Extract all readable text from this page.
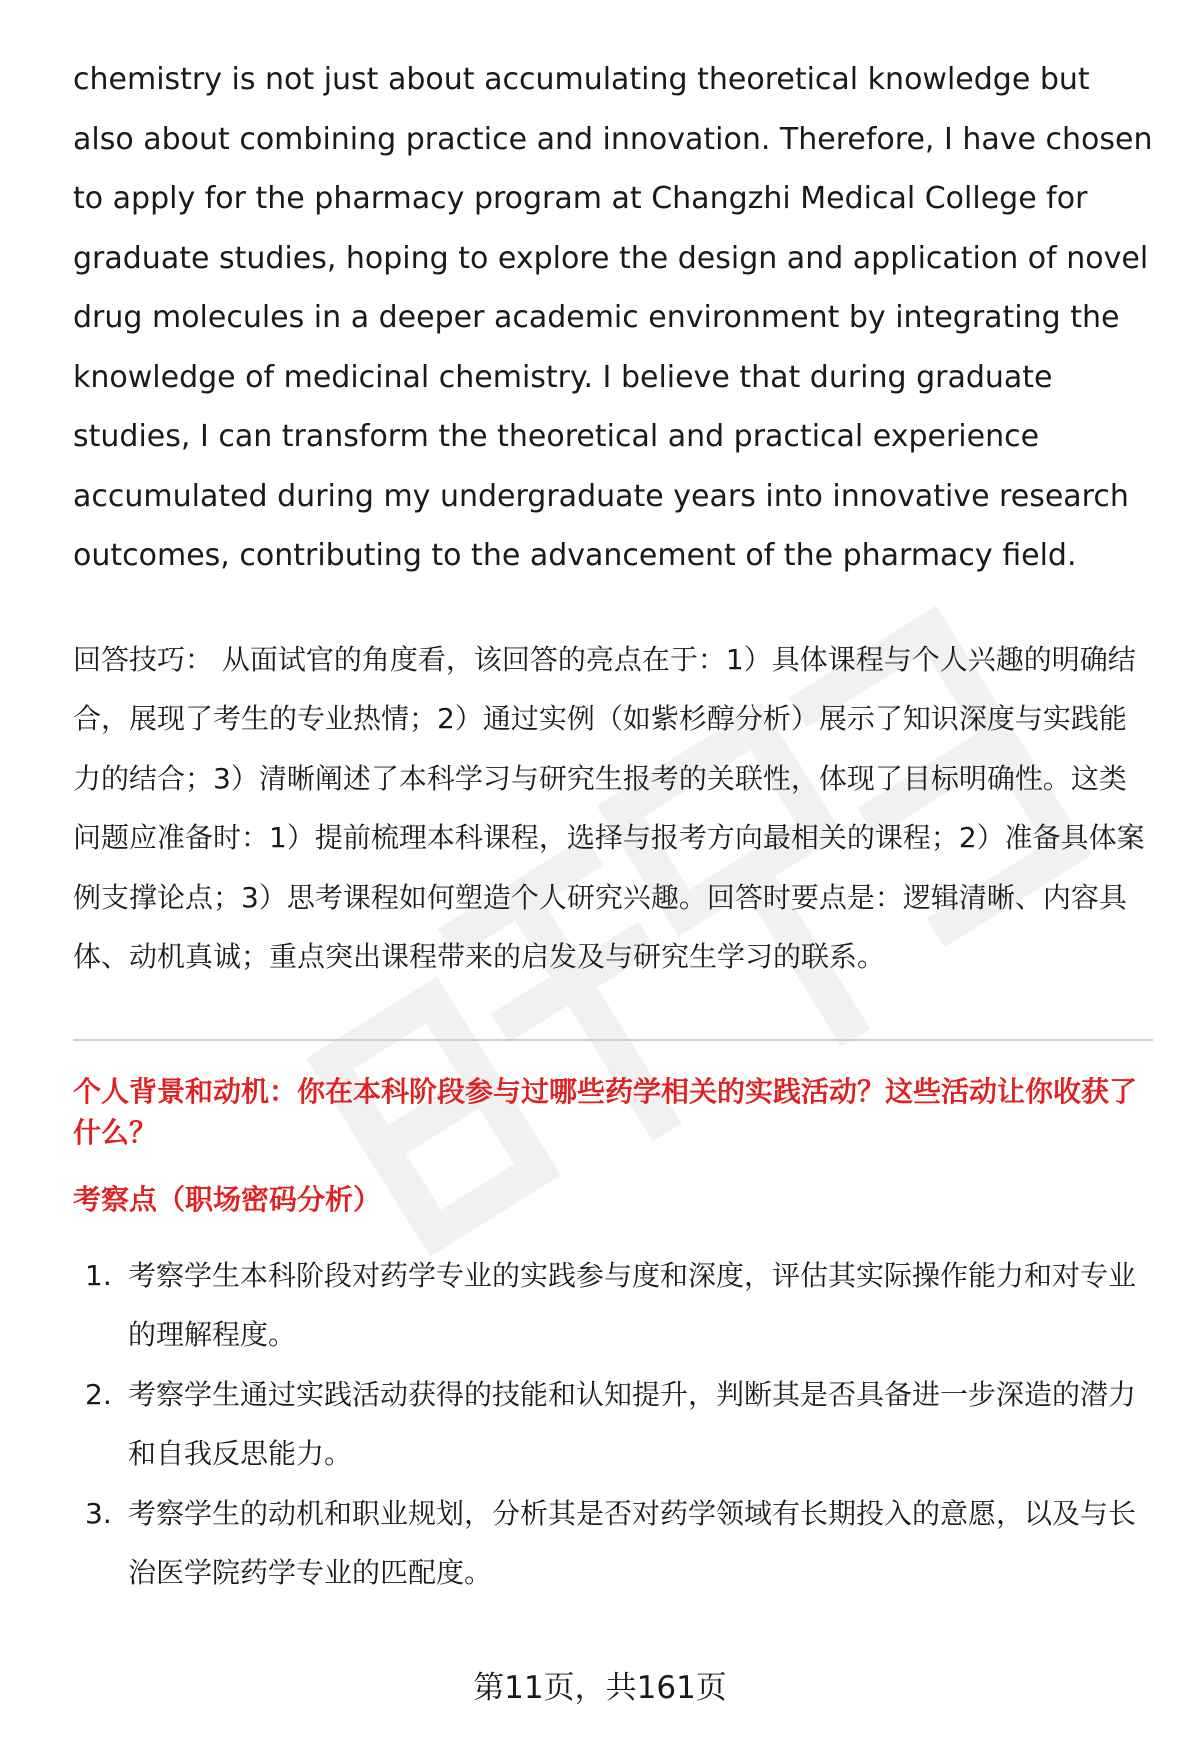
chemistry is not just about accumulating theoretical knowledge but also about combining practice and innovation. Therefore, I have chosen to apply for the pharmacy program at Changzhi Medical College for graduate studies, hoping to explore the design and application of novel drug molecules in a deeper academic environment by integrating the knowledge of medicinal chemistry. I believe that during graduate studies, I can transform the theoretical and practical experience accumulated during my undergraduate years into innovative research outcomes, contributing to the advancement of the pharmacy field.

回答技巧： 从面试官的角度看，该回答的亮点在于：1）具体课程与个人兴趣的明确结合，展现了考生的专业热情；2）通过实例（如紫杉醇分析）展示了知识深度与实践能力的结合；3）清晰阐述了本科学习与研究生报考的关联性，体现了目标明确性。这类问题应准备时：1）提前梳理本科课程，选择与报考方向最相关的课程；2）准备具体案例支撑论点；3）思考课程如何塑造个人研究兴趣。回答时要点是：逻辑清晰、内容具体、动机真诚；重点突出课程带来的启发及与研究生学习的联系。

个人背景和动机：你在本科阶段参与过哪些药学相关的实践活动？这些活动让你收获了什么？
考察点（职场密码分析）
1. 考察学生本科阶段对药学专业的实践参与度和深度，评估其实际操作能力和对专业的理解程度。
2. 考察学生通过实践活动获得的技能和认知提升，判断其是否具备进一步深造的潜力和自我反思能力。
3. 考察学生的动机和职业规划，分析其是否对药学领域有长期投入的意愿，以及与长治医学院药学专业的匹配度。
第11页，共161页
